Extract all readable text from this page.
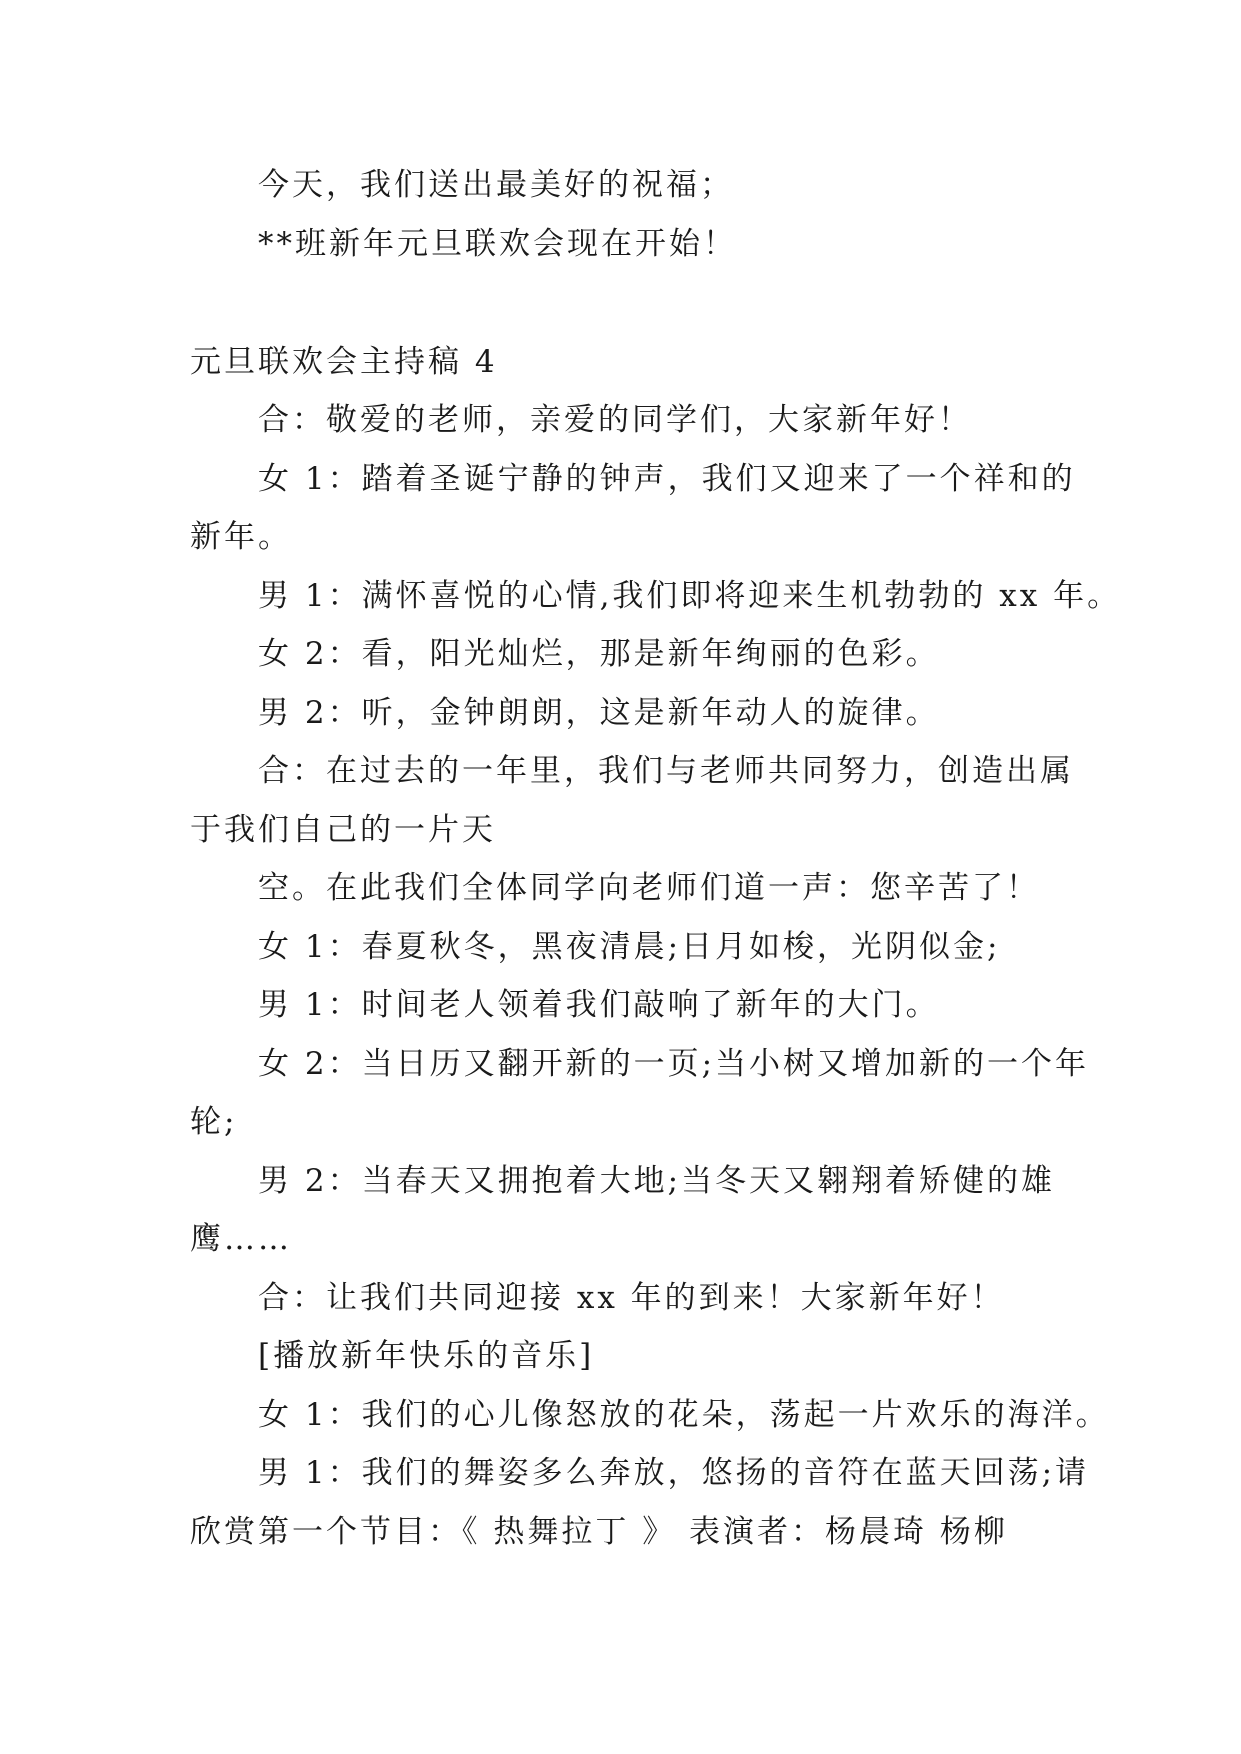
今天，我们送出最美好的祝福；
**班新年元旦联欢会现在开始！
元旦联欢会主持稿 4
合：敬爱的老师，亲爱的同学们，大家新年好！
女 1：踏着圣诞宁静的钟声，我们又迎来了一个祥和的
新年。
男 1：满怀喜悦的心情,我们即将迎来生机勃勃的 xx 年。
女 2：看，阳光灿烂，那是新年绚丽的色彩。
男 2：听，金钟朗朗，这是新年动人的旋律。
合：在过去的一年里，我们与老师共同努力，创造出属
于我们自己的一片天
空。在此我们全体同学向老师们道一声：您辛苦了！
女 1：春夏秋冬，黑夜清晨;日月如梭，光阴似金;
男 1：时间老人领着我们敲响了新年的大门。
女 2：当日历又翻开新的一页;当小树又增加新的一个年
轮;
男 2：当春天又拥抱着大地;当冬天又翱翔着矫健的雄
鹰……
合：让我们共同迎接 xx 年的到来！大家新年好！
[播放新年快乐的音乐]
女 1：我们的心儿像怒放的花朵，荡起一片欢乐的海洋。
男 1：我们的舞姿多么奔放，悠扬的音符在蓝天回荡;请
欣赏第一个节目：《 热舞拉丁 》 表演者：杨晨琦 杨柳
